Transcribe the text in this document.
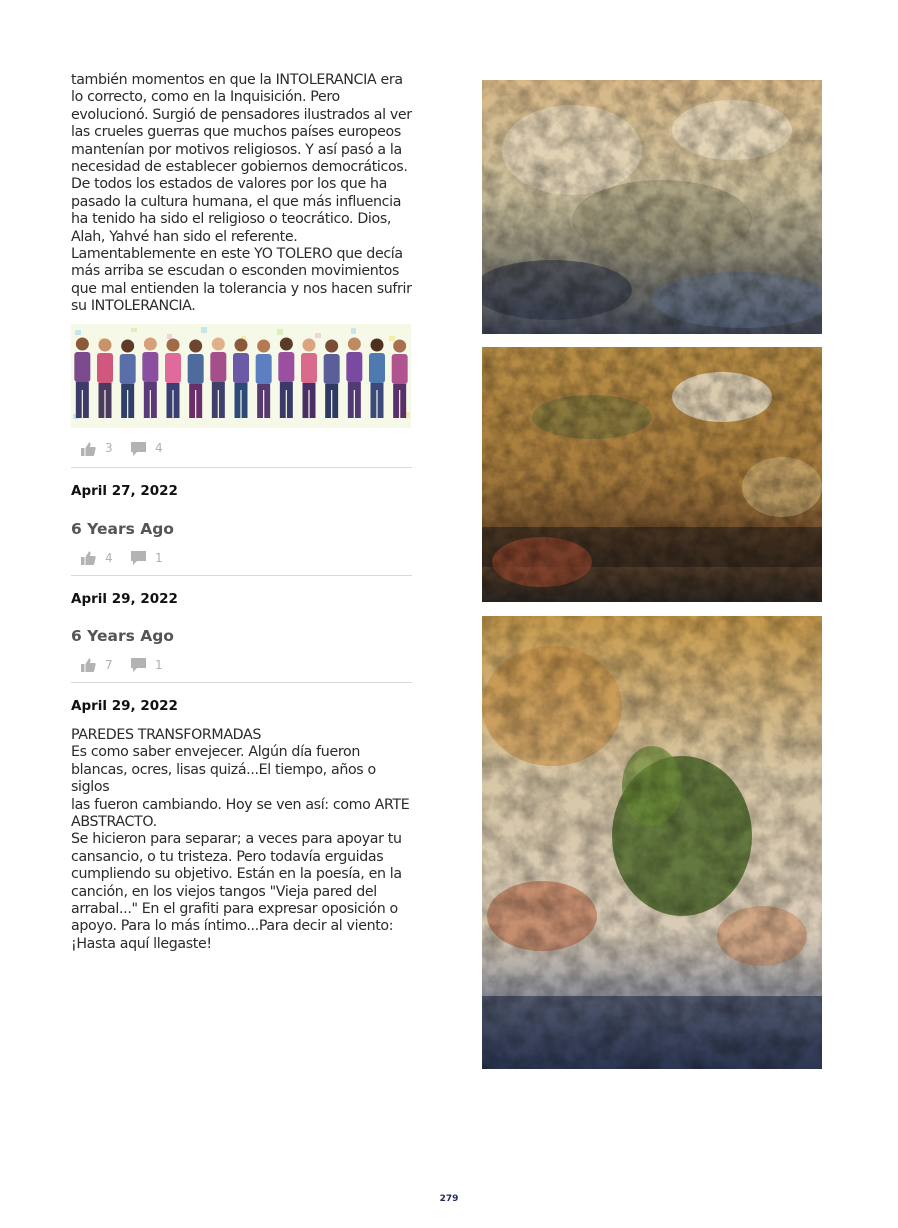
también momentos en que la INTOLERANCIA era
lo correcto, como en la Inquisición. Pero
evolucionó. Surgió de pensadores ilustrados al ver
las crueles guerras que muchos países europeos
mantenían por motivos religiosos. Y así pasó a la
necesidad de establecer gobiernos democráticos.
De todos los estados de valores por los que ha
pasado la cultura humana, el que más influencia
ha tenido ha sido el religioso o teocrático. Dios,
Alah, Yahvé han sido el referente.
Lamentablemente en este YO TOLERO que decía
más arriba se escudan o esconden movimientos
que mal entienden la tolerancia y nos hacen sufrir
su INTOLERANCIA.

3	4
April 27, 2022
6 Years Ago
4	1
April 29, 2022
6 Years Ago
7	1
April 29, 2022

PAREDES TRANSFORMADAS
Es como saber envejecer. Algún día fueron
blancas, ocres, lisas quizá...El tiempo, años o siglos
las fueron cambiando. Hoy se ven así: como ARTE
ABSTRACTO.
Se hicieron para separar; a veces para apoyar tu
cansancio, o tu tristeza. Pero todavía erguidas
cumpliendo su objetivo. Están en la poesía, en la
canción, en los viejos tangos "Vieja pared del
arrabal..." En el grafiti para expresar oposición o
apoyo. Para lo más íntimo...Para decir al viento:
¡Hasta aquí llegaste!

279
